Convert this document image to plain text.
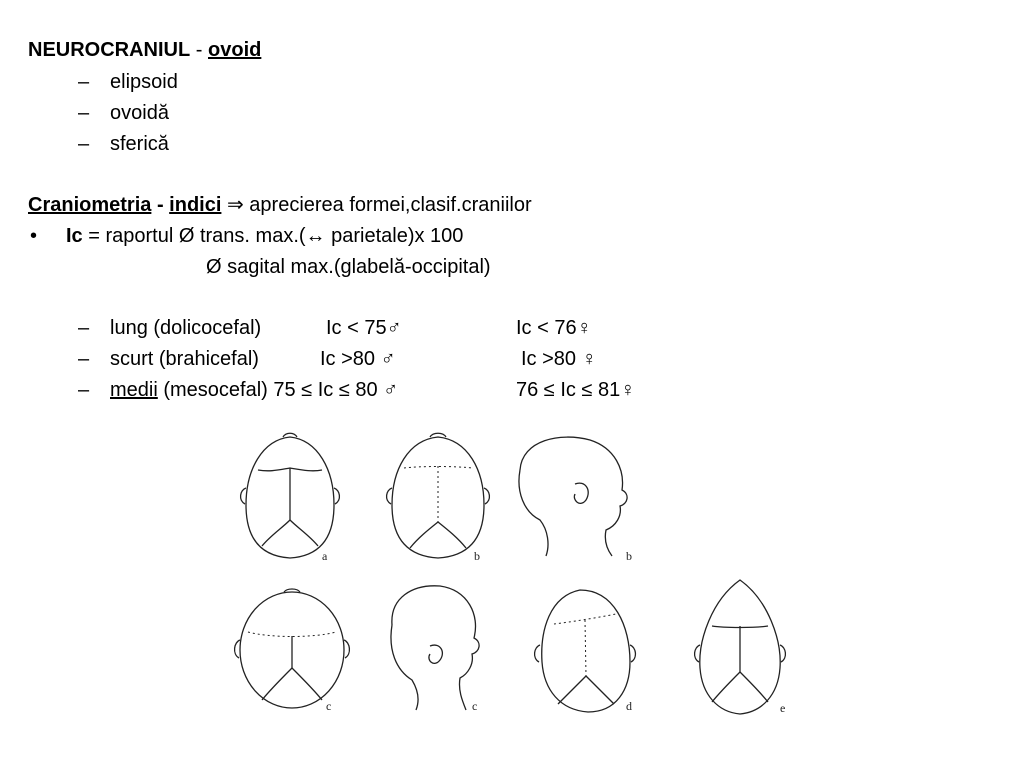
NEUROCRANIUL - ovoid
– elipsoid
– ovoidă
– sferică
Craniometria - indici ⇒ aprecierea formei,clasif.craniilor
• Ic = raportul Ø trans. max.(↔ parietale)x 100
Ø sagital max.(glabelă-occipital)
– lung (dolicocefal)	Ic < 75♂	Ic < 76♀
– scurt (brahicefal)	Ic >80 ♂	Ic >80 ♀
– medii (mesocefal) 75 ≤ Ic ≤ 80 ♂	76 ≤ Ic ≤ 81♀
a	b	b
c	c	d	e
